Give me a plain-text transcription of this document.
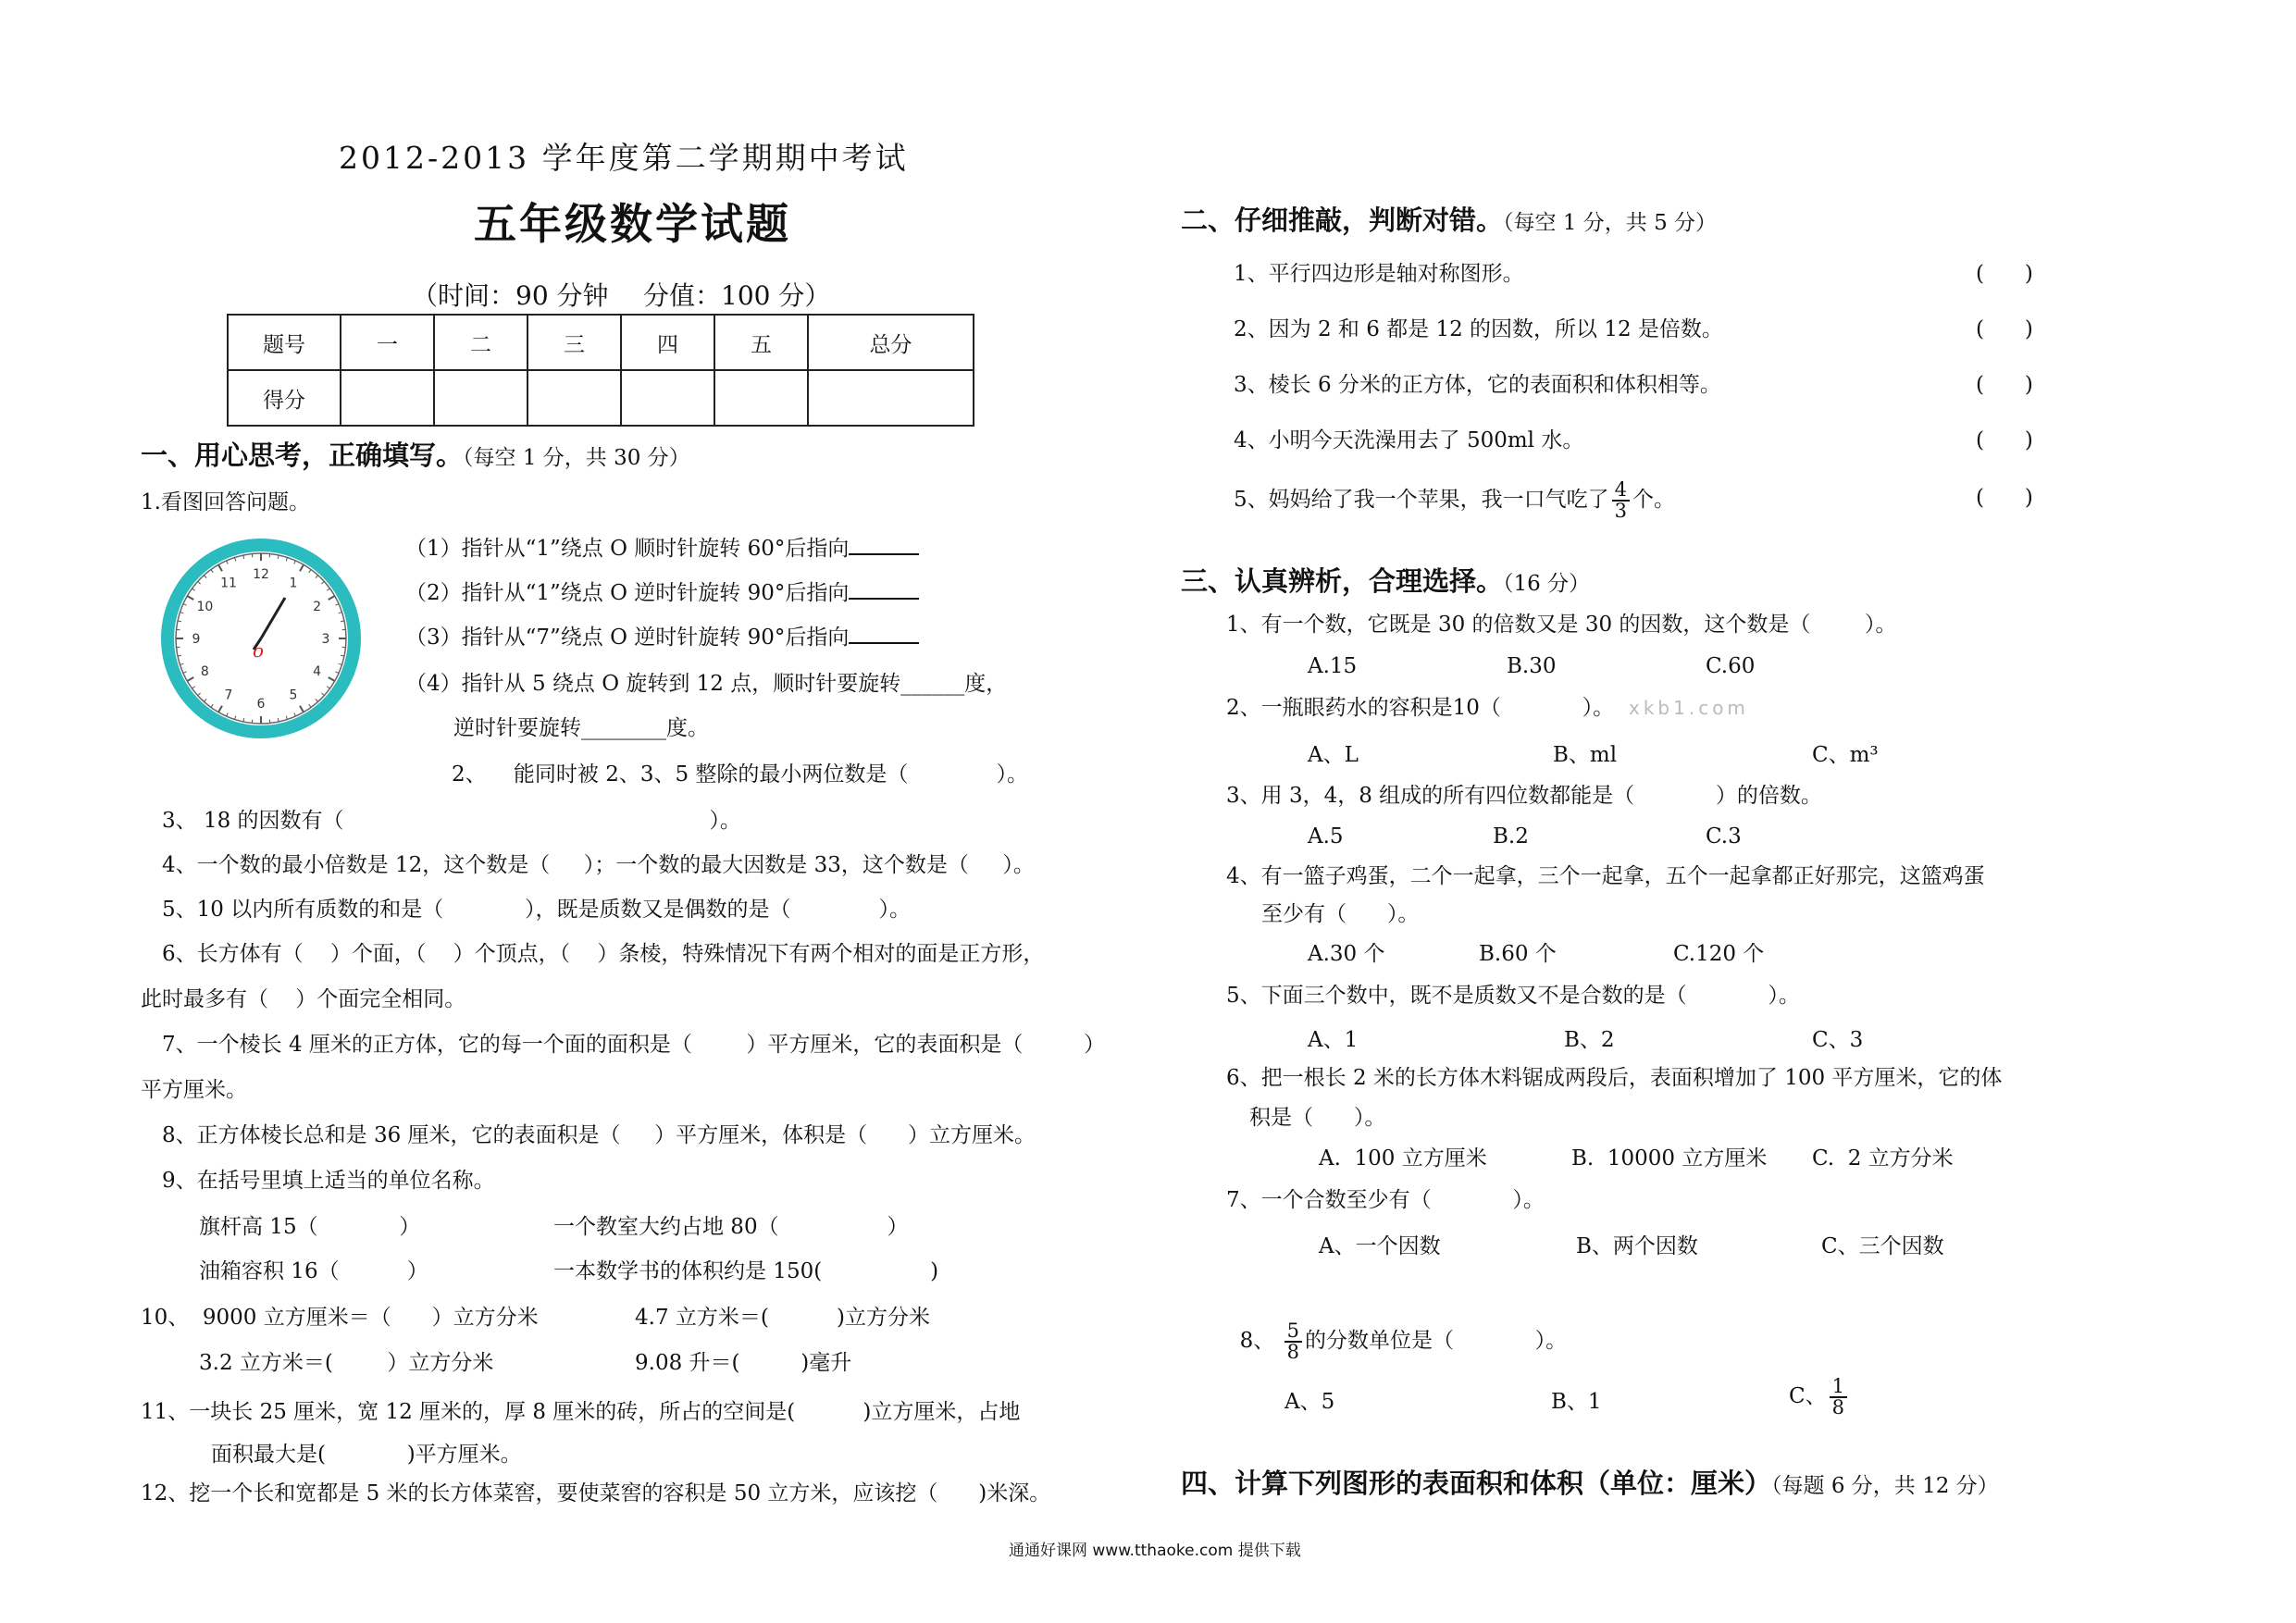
2012-2013 学年度第二学期期中考试
五年级数学试题
（时间：90 分钟 分值：100 分）
题号	一	二	三	四	五	总分
得分						
一、用心思考，正确填写。（每空 1 分，共 30 分）
1.看图回答问题。
12
1
2
3
4
5
6
7
8
9
10
11
o
（1）指针从“1”绕点 O 顺时针旋转 60°后指向
（2）指针从“1”绕点 O 逆时针旋转 90°后指向
（3）指针从“7”绕点 O 逆时针旋转 90°后指向
（4）指针从 5 绕点 O 旋转到 12 点，顺时针要旋转______度，
逆时针要旋转________度。
2、    能同时被 2、3、5 整除的最小两位数是（             ）。
3、 18 的因数有（                                                      ）。
4、一个数的最小倍数是 12，这个数是（     ）；一个数的最大因数是 33，这个数是（     ）。
5、10 以内所有质数的和是（            ），既是质数又是偶数的是（             ）。
6、长方体有（    ）个面，（    ）个顶点，（    ）条棱，特殊情况下有两个相对的面是正方形，
此时最多有（    ）个面完全相同。
7、一个棱长 4 厘米的正方体，它的每一个面的面积是（        ）平方厘米，它的表面积是（         ）
平方厘米。
8、正方体棱长总和是 36 厘米，它的表面积是（     ）平方厘米，体积是（      ）立方厘米。
9、在括号里填上适当的单位名称。
旗杆高 15（            ）	一个教室大约占地 80（                ）
油箱容积 16（          ）	一本数学书的体积约是 150(                )
10、  9000 立方厘米＝（      ）立方分米	4.7 立方米＝(          )立方分米
3.2 立方米＝(        ）立方分米	9.08 升＝(         )毫升
11、一块长 25 厘米，宽 12 厘米的，厚 8 厘米的砖，所占的空间是(          )立方厘米，占地
面积最大是(            )平方厘米。
12、挖一个长和宽都是 5 米的长方体菜窖，要使菜窖的容积是 50 立方米，应该挖（      )米深。
二、仔细推敲，判断对错。（每空 1 分，共 5 分）
1、平行四边形是轴对称图形。	(      )
2、因为 2 和 6 都是 12 的因数，所以 12 是倍数。	(      )
3、棱长 6 分米的正方体，它的表面积和体积相等。	(      )
4、小明今天洗澡用去了 500ml 水。	(      )
5、妈妈给了我一个苹果，我一口气吃了 $\frac{4}{3}$ 个。	(      )
三、认真辨析，合理选择。（16 分）
1、有一个数，它既是 30 的倍数又是 30 的因数，这个数是（        ）。
A.15	B.30	C.60
2、一瓶眼药水的容积是10（            ）。 xkb1.com
A、L	B、ml	C、m³
3、用 3，4，8 组成的所有四位数都能是（            ）的倍数。
A.5	B.2	C.3
4、有一篮子鸡蛋，二个一起拿，三个一起拿，五个一起拿都正好那完，这篮鸡蛋
至少有（      ）。
A.30 个	B.60 个	C.120 个
5、下面三个数中，既不是质数又不是合数的是（            ）。
A、1	B、2	C、3
6、把一根长 2 米的长方体木料锯成两段后，表面积增加了 100 平方厘米，它的体
积是（      ）。
A.  100 立方厘米	B.  10000 立方厘米 C.  2 立方分米
7、一个合数至少有（            ）。
A、一个因数	B、两个因数	C、三个因数

8、 $\frac{5}{8}$ 的分数单位是（            ）。

A、5	B、1	C、 $\frac{1}{8}$
四、计算下列图形的表面积和体积（单位：厘米）（每题 6 分，共 12 分）
通通好课网 www.tthaoke.com 提供下载
